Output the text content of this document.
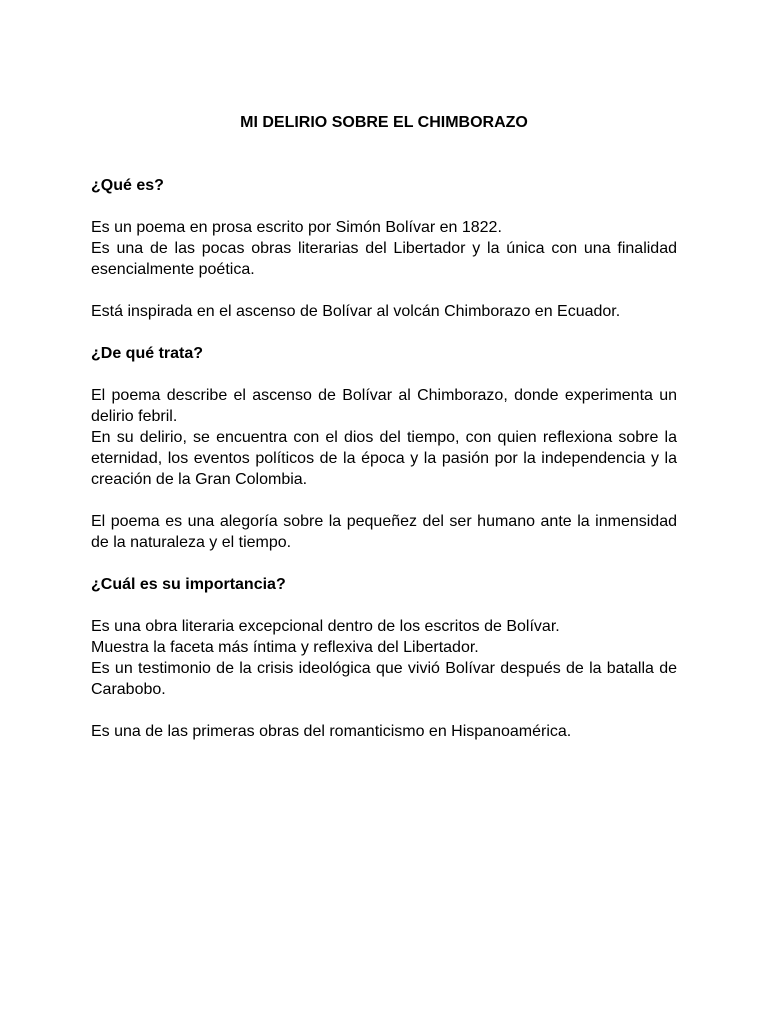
MI DELIRIO SOBRE EL CHIMBORAZO
¿Qué es?
Es un poema en prosa escrito por Simón Bolívar en 1822.
Es una de las pocas obras literarias del Libertador y la única con una finalidad esencialmente poética.
Está inspirada en el ascenso de Bolívar al volcán Chimborazo en Ecuador.
¿De qué trata?
El poema describe el ascenso de Bolívar al Chimborazo, donde experimenta un delirio febril.
En su delirio, se encuentra con el dios del tiempo, con quien reflexiona sobre la eternidad, los eventos políticos de la época y la pasión por la independencia y la creación de la Gran Colombia.
El poema es una alegoría sobre la pequeñez del ser humano ante la inmensidad de la naturaleza y el tiempo.
¿Cuál es su importancia?
Es una obra literaria excepcional dentro de los escritos de Bolívar.
Muestra la faceta más íntima y reflexiva del Libertador.
Es un testimonio de la crisis ideológica que vivió Bolívar después de la batalla de Carabobo.
Es una de las primeras obras del romanticismo en Hispanoamérica.
